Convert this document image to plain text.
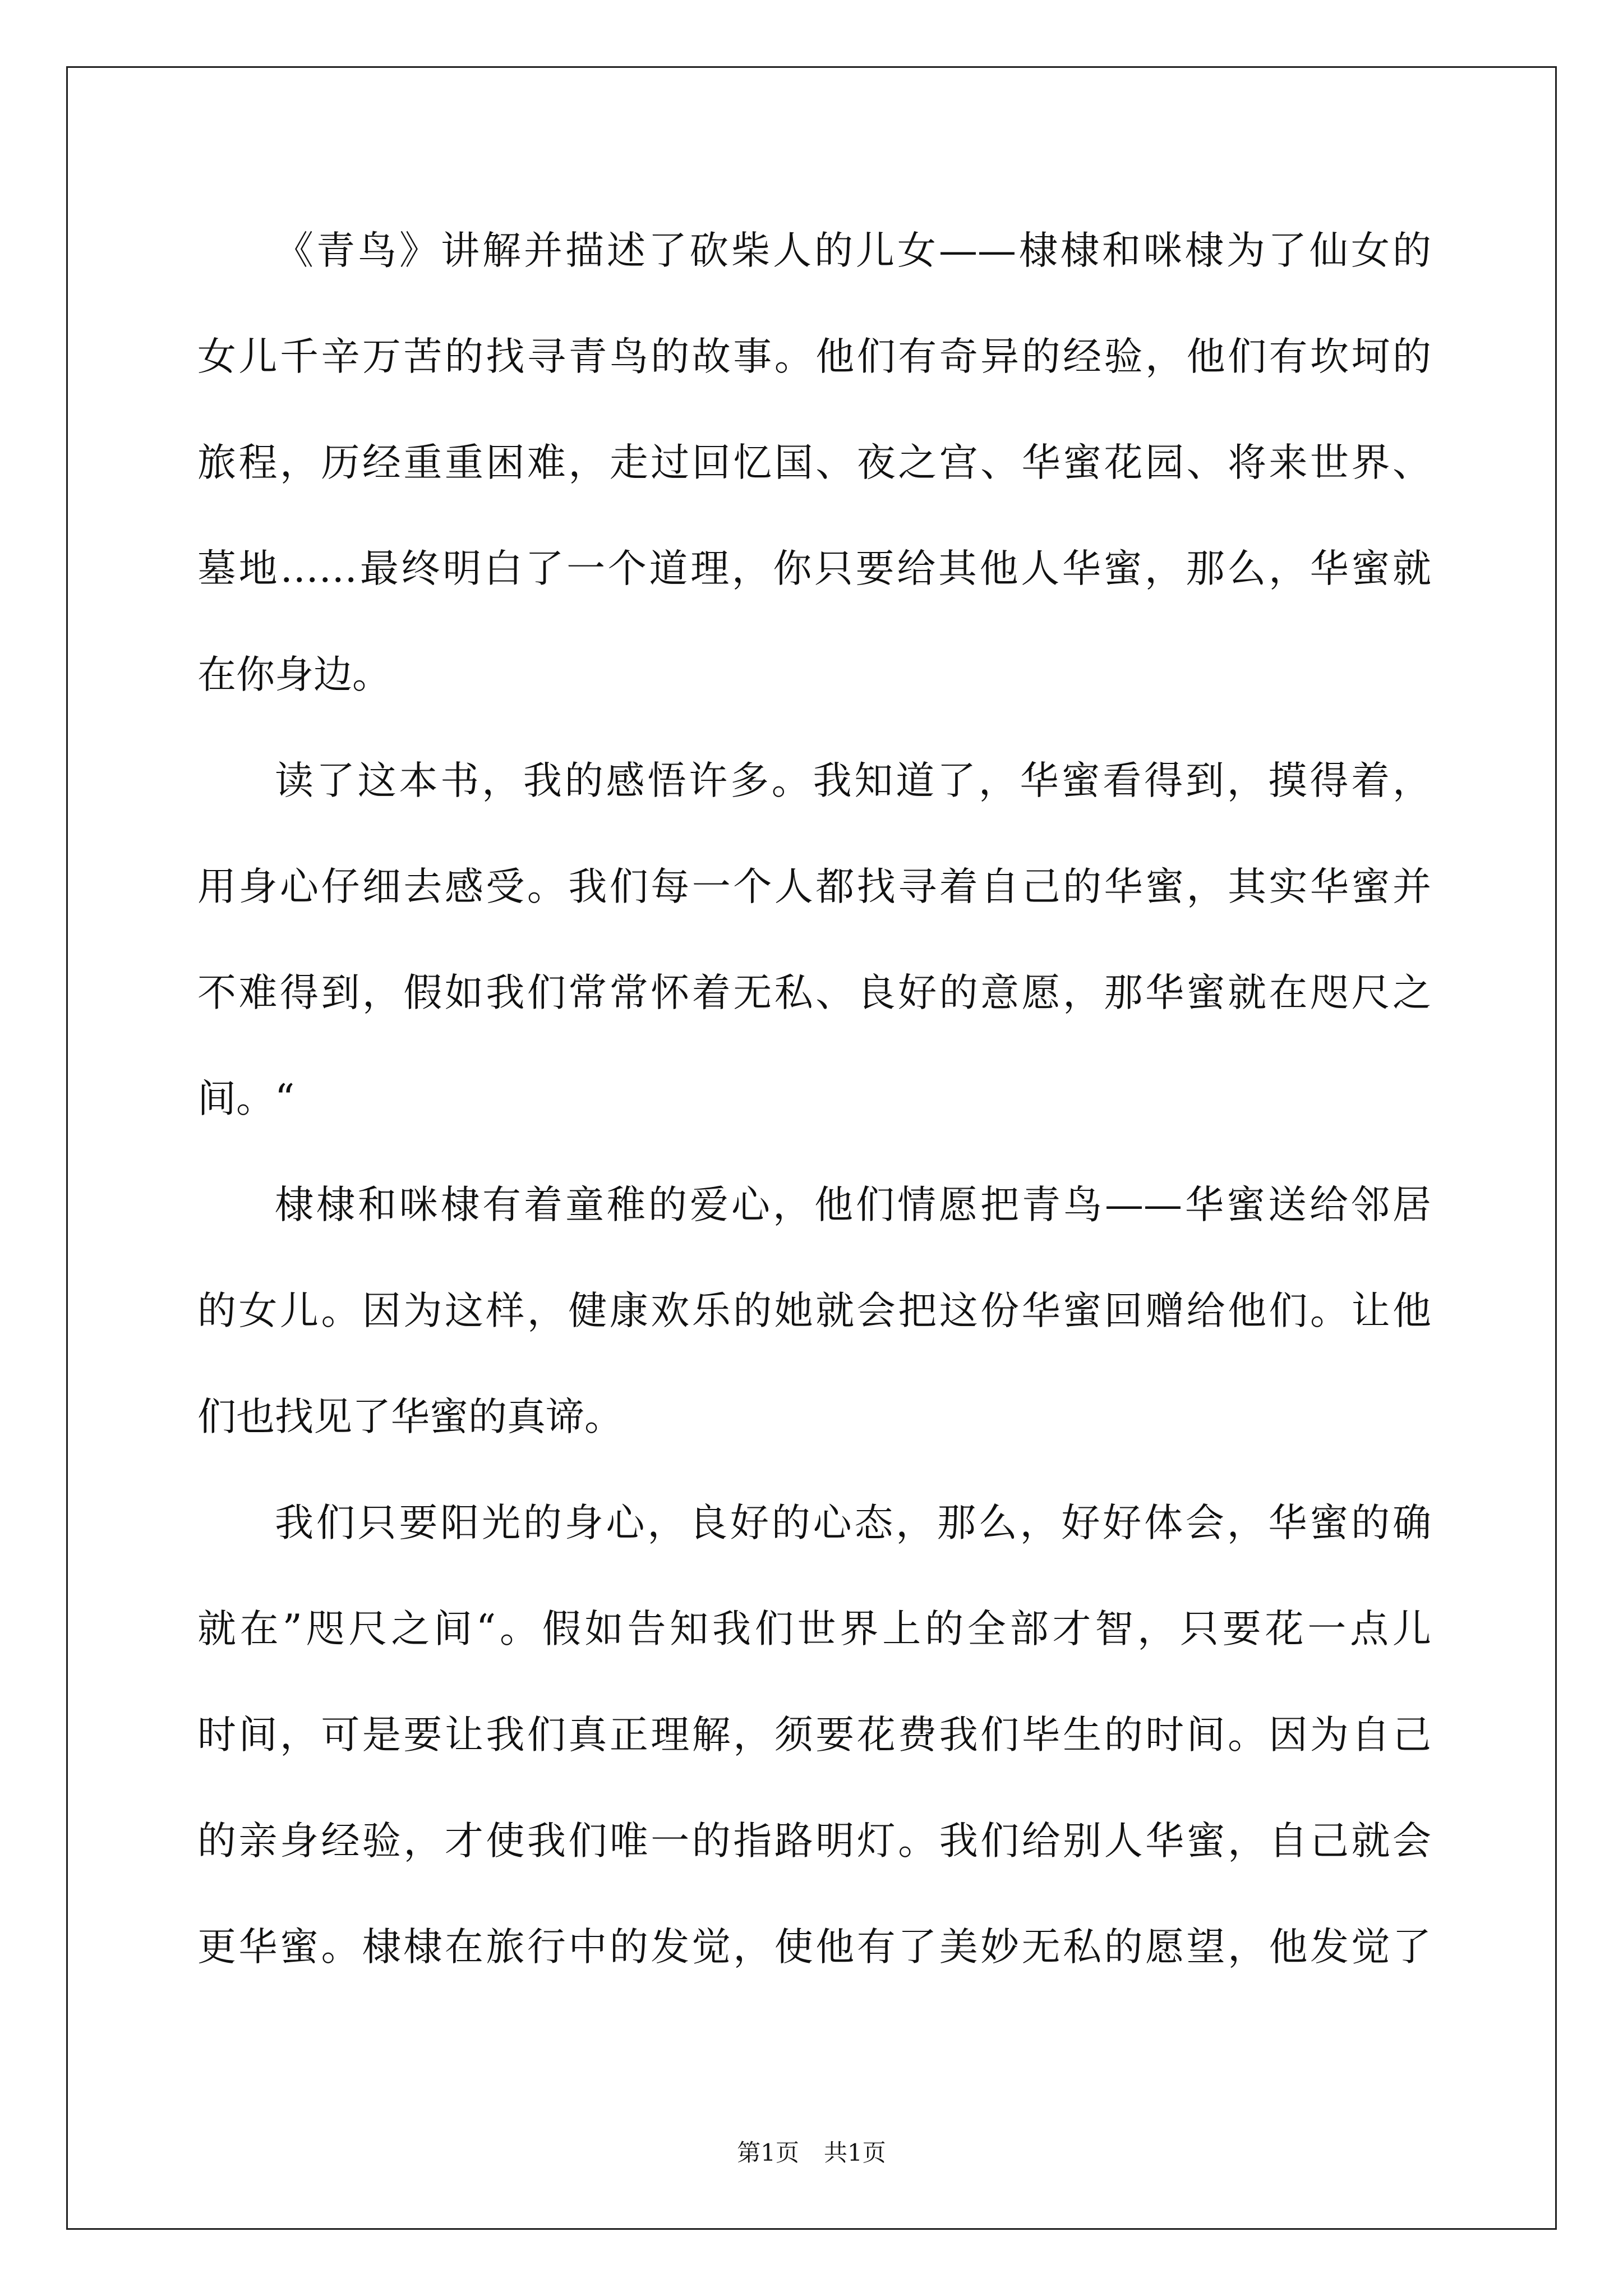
《青鸟》讲解并描述了砍柴人的儿女——棣棣和咪棣为了仙女的
女儿千辛万苦的找寻青鸟的故事。他们有奇异的经验，他们有坎坷的
旅程，历经重重困难，走过回忆国、夜之宫、华蜜花园、将来世界、
墓地……最终明白了一个道理，你只要给其他人华蜜，那么，华蜜就
在你身边。
读了这本书，我的感悟许多。我知道了，华蜜看得到，摸得着，
用身心仔细去感受。我们每一个人都找寻着自己的华蜜，其实华蜜并
不难得到，假如我们常常怀着无私、良好的意愿，那华蜜就在咫尺之
间。“
棣棣和咪棣有着童稚的爱心，他们情愿把青鸟——华蜜送给邻居
的女儿。因为这样，健康欢乐的她就会把这份华蜜回赠给他们。让他
们也找见了华蜜的真谛。
我们只要阳光的身心，良好的心态，那么，好好体会，华蜜的确
就在”咫尺之间“。假如告知我们世界上的全部才智，只要花一点儿
时间，可是要让我们真正理解，须要花费我们毕生的时间。因为自己
的亲身经验，才使我们唯一的指路明灯。我们给别人华蜜，自己就会
更华蜜。棣棣在旅行中的发觉，使他有了美妙无私的愿望，他发觉了
第1页 共1页
